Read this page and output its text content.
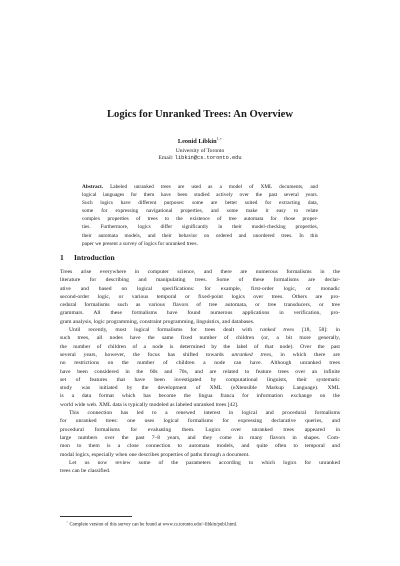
Logics for Unranked Trees: An Overview
Leonid Libkin$^{1,⋆}$
University of Toronto
Email: libkin@cs.toronto.edu
Abstract. Labeled unranked trees are used as a model of XML documents, and
logical languages for them have been studied actively over the past several years.
Such logics have different purposes: some are better suited for extracting data,
some for expressing navigational properties, and some make it easy to relate
complex properties of trees to the existence of tree automata for those proper-
ties. Furthermore, logics differ significantly in their model-checking properties,
their automata models, and their behavior on ordered and unordered trees. In this
paper we present a survey of logics for unranked trees.
1 Introduction
Trees arise everywhere in computer science, and there are numerous formalisms in the
literature for describing and manipulating trees. Some of these formalisms are declar-
ative and based on logical specifications: for example, first-order logic, or monadic
second-order logic, or various temporal or fixed-point logics over trees. Others are pro-
cedural formalisms such as various flavors of tree automata, or tree transducers, or tree
grammars. All these formalisms have found numerous applications in verification, pro-
gram analysis, logic programming, constraint programming, linguistics, and databases.
Until recently, most logical formalisms for trees dealt with ranked trees [18, 58]: in
such trees, all nodes have the same fixed number of children (or, a bit more generally,
the number of children of a node is determined by the label of that node). Over the past
several years, however, the focus has shifted towards unranked trees, in which there are
no restrictions on the number of children a node can have. Although unranked trees
have been considered in the 60s and 70s, and are related to feature trees over an infinite
set of features that have been investigated by computational linguists, their systematic
study was initiated by the development of XML (eXtensible Markup Language). XML
is a data format which has become the lingua franca for information exchange on the
world wide web. XML data is typically modeled as labeled unranked trees [42].
This connection has led to a renewed interest in logical and procedural formalisms
for unranked trees: one uses logical formalisms for expressing declarative queries, and
procedural formalisms for evaluating them. Logics over unranked trees appeared in
large numbers over the past 7–8 years, and they come in many flavors in shapes. Com-
mon to them is a close connection to automata models, and quite often to temporal and
modal logics, especially when one describes properties of paths through a document.
Let us now review some of the parameters according to which logics for unranked
trees can be classified.
⋆ Complete version of this survey can be found at www.cs.toronto.edu/~libkin/publ.html.
